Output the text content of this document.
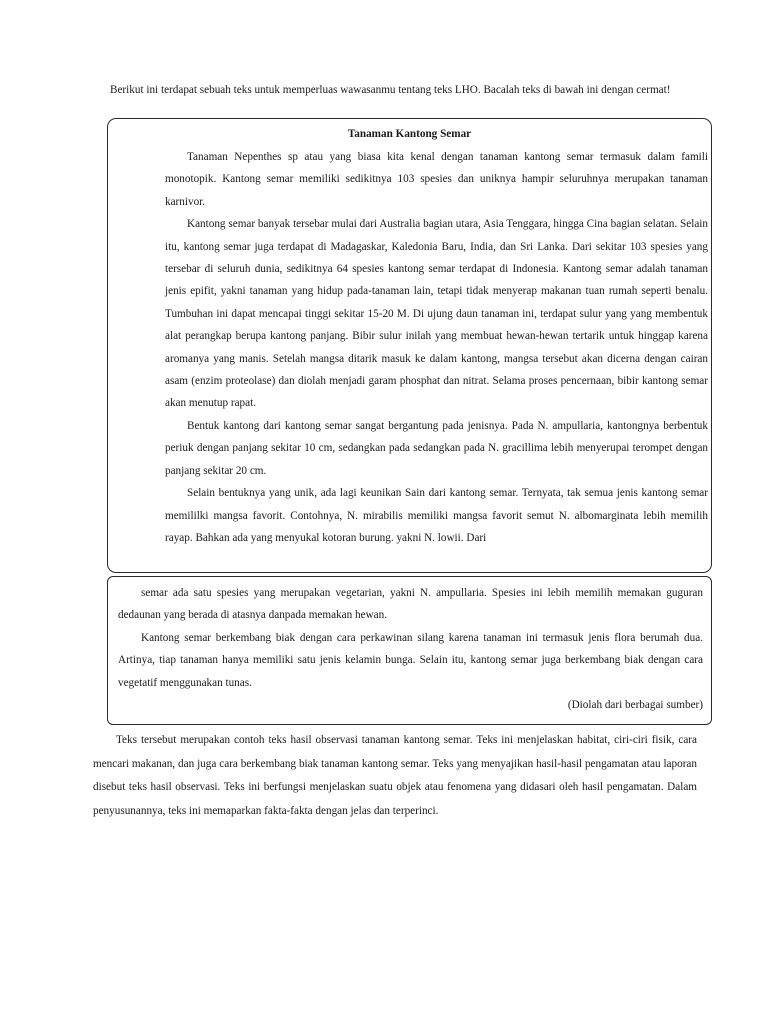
Berikut ini terdapat sebuah teks untuk memperluas wawasanmu tentang teks LHO. Bacalah teks di bawah ini dengan cermat!

Tanaman Kantong Semar

Tanaman Nepenthes sp atau yang biasa kita kenal dengan tanaman kantong semar termasuk dalam famili monotopik. Kantong semar memiliki sedikitnya 103 spesies dan uniknya hampir seluruhnya merupakan tanaman karnivor.

Kantong semar banyak tersebar mulai dari Australia bagian utara, Asia Tenggara, hingga Cina bagian selatan. Selain itu, kantong semar juga terdapat di Madagaskar, Kaledonia Baru, India, dan Sri Lanka. Dari sekitar 103 spesies yang tersebar di seluruh dunia, sedikitnya 64 spesies kantong semar terdapat di Indonesia. Kantong semar adalah tanaman jenis epifit, yakni tanaman yang hidup pada-tanaman lain, tetapi tidak menyerap makanan tuan rumah seperti benalu. Tumbuhan ini dapat mencapai tinggi sekitar 15-20 M. Di ujung daun tanaman ini, terdapat sulur yang yang membentuk alat perangkap berupa kantong panjang. Bibir sulur inilah yang membuat hewan-hewan tertarik untuk hinggap karena aromanya yang manis. Setelah mangsa ditarik masuk ke dalam kantong, mangsa tersebut akan dicerna dengan cairan asam (enzim proteolase) dan diolah menjadi garam phosphat dan nitrat. Selama proses pencernaan, bibir kantong semar akan menutup rapat.

Bentuk kantong dari kantong semar sangat bergantung pada jenisnya. Pada N. ampullaria, kantongnya berbentuk periuk dengan panjang sekitar 10 cm, sedangkan pada sedangkan pada N. gracillima lebih menyerupai terompet dengan panjang sekitar 20 cm.

Selain bentuknya yang unik, ada lagi keunikan Sain dari kantong semar. Ternyata, tak semua jenis kantong semar memililki mangsa favorit. Contohnya, N. mirabilis memiliki mangsa favorit semut N. albomarginata lebih memilih rayap. Bahkan ada yang menyukal kotoran burung. yakni N. lowii. Dari

semar ada satu spesies yang merupakan vegetarian, yakni N. ampullaria. Spesies ini lebih memilih memakan guguran dedaunan yang berada di atasnya danpada memakan hewan.

Kantong semar berkembang biak dengan cara perkawinan silang karena tanaman ini termasuk jenis flora berumah dua. Artinya, tiap tanaman hanya memiliki satu jenis kelamin bunga. Selain itu, kantong semar juga berkembang biak dengan cara vegetatif menggunakan tunas.

(Diolah dari berbagai sumber)

Teks tersebut merupakan contoh teks hasil observasi tanaman kantong semar. Teks ini menjelaskan habitat, ciri-ciri fisik, cara mencari makanan, dan juga cara berkembang biak tanaman kantong semar. Teks yang menyajikan hasil-hasil pengamatan atau laporan disebut teks hasil observasi. Teks ini berfungsi menjelaskan suatu objek atau fenomena yang didasari oleh hasil pengamatan. Dalam penyusunannya, teks ini memaparkan fakta-fakta dengan jelas dan terperinci.
